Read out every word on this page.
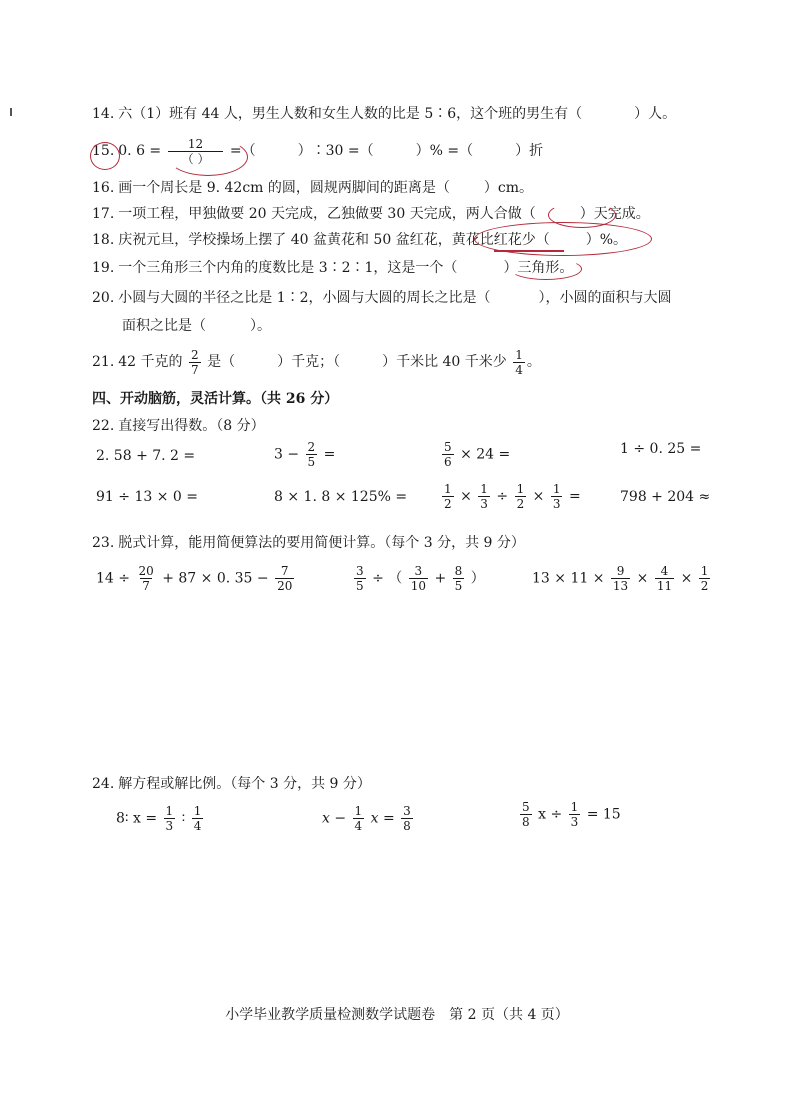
14. 六（1）班有 44 人，男生人数和女生人数的比是 5∶6，这个班的男生有（	）人。
15. 0. $6 = \frac{12}{( )}$ =（	）∶30 =（	）% =（	）折
16. 画一个周长是 9. 42cm 的圆，圆规两脚间的距离是（ ）cm。
17. 一项工程，甲独做要 20 天完成，乙独做要 30 天完成，两人合做（	）天完成。
18. 庆祝元旦，学校操场上摆了 40 盆黄花和 50 盆红花，黄花比红花少（	）%。
19. 一个三角形三个内角的度数比是 3∶2∶1，这是一个（	）三角形。
20. 小圆与大圆的半径之比是 1∶2，小圆与大圆的周长之比是（	），小圆的面积与大圆
面积之比是（	）。
21. 42 千克的 $\frac{2}{7}$ 是（	）千克；（	）千米比 40 千米少 $\frac{1}{4}$ 。
四、开动脑筋，灵活计算。（共 26 分）
22. 直接写出得数。（8 分）
2. 58 + 7. 2 =	$3 - \frac{2}{5}$ =	$\frac{5}{6} \times 24$ =	1 ÷ 0. 25 =
91 ÷ 13 × 0 =	8 × 1. 8 × 125% =	$\frac{1}{2} \times \frac{1}{3} \div \frac{1}{2} \times \frac{1}{3}$ =	798 + 204 ≈
23. 脱式计算，能用简便算法的要用简便计算。（每个 3 分，共 9 分）
$14 \div \frac{20}{7} + 87 \times 0$. $35 - \frac{7}{20}$	$\frac{3}{5}$ ÷ （ $\frac{3}{10} + \frac{8}{5}$ ）	$13 \times 11 \times \frac{9}{13} \times \frac{4}{11} \times \frac{1}{2}$
24. 解方程或解比例。（每个 3 分，共 9 分）
8∶ $x = \frac{1}{3}$ ∶ $\frac{1}{4}$	$x - \frac{1}{4}$ $x = \frac{3}{8}$	$\frac{5}{8}$ $x \div \frac{1}{3} = 15$
小学毕业教学质量检测数学试题卷　第 2 页（共 4 页）
